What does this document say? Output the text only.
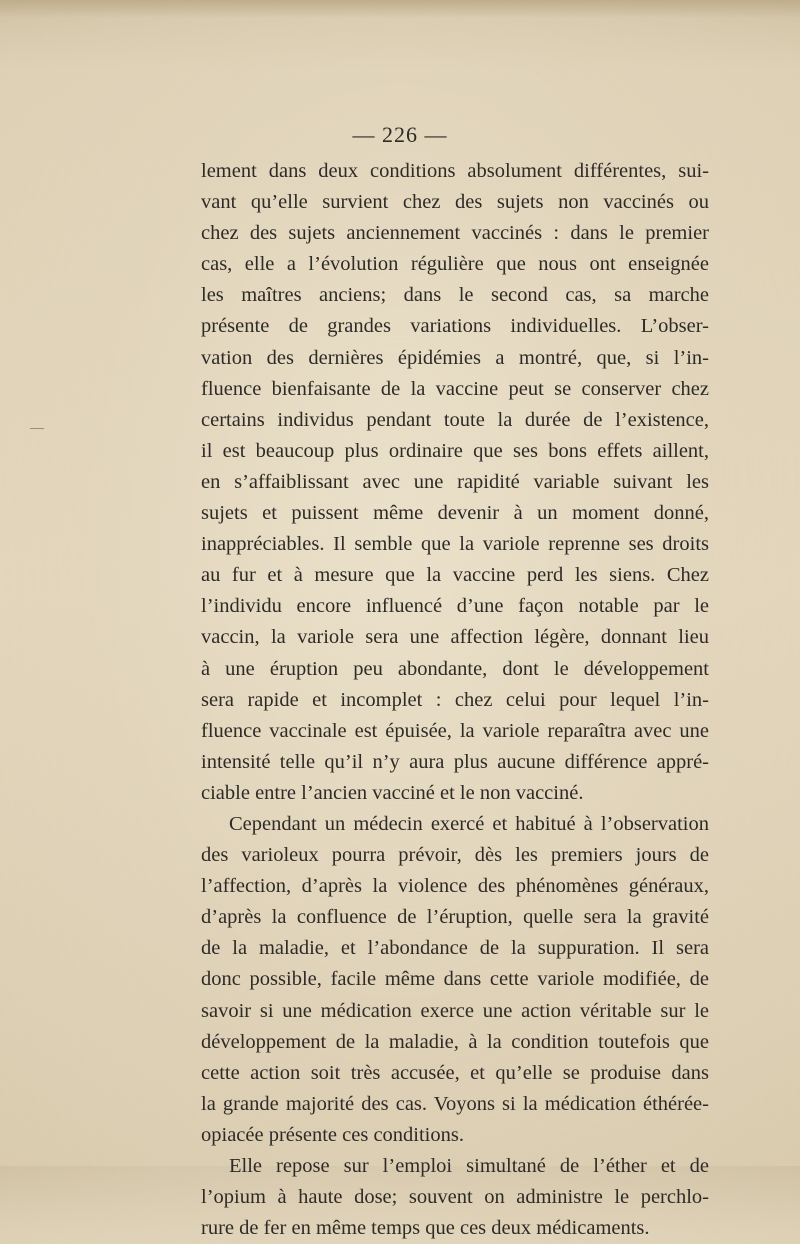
— 226 —
lement dans deux conditions absolument différentes, sui-
vant qu’elle survient chez des sujets non vaccinés ou
chez des sujets anciennement vaccinés : dans le premier
cas, elle a l’évolution régulière que nous ont enseignée
les maîtres anciens; dans le second cas, sa marche
présente de grandes variations individuelles. L’obser-
vation des dernières épidémies a montré, que, si l’in-
fluence bienfaisante de la vaccine peut se conserver chez
certains individus pendant toute la durée de l’existence,
il est beaucoup plus ordinaire que ses bons effets aillent,
en s’affaiblissant avec une rapidité variable suivant les
sujets et puissent même devenir à un moment donné,
inappréciables. Il semble que la variole reprenne ses droits
au fur et à mesure que la vaccine perd les siens. Chez
l’individu encore influencé d’une façon notable par le
vaccin, la variole sera une affection légère, donnant lieu
à une éruption peu abondante, dont le développement
sera rapide et incomplet : chez celui pour lequel l’in-
fluence vaccinale est épuisée, la variole reparaîtra avec une
intensité telle qu’il n’y aura plus aucune différence appré-
ciable entre l’ancien vacciné et le non vacciné.
Cependant un médecin exercé et habitué à l’observation
des varioleux pourra prévoir, dès les premiers jours de
l’affection, d’après la violence des phénomènes généraux,
d’après la confluence de l’éruption, quelle sera la gravité
de la maladie, et l’abondance de la suppuration. Il sera
donc possible, facile même dans cette variole modifiée, de
savoir si une médication exerce une action véritable sur le
développement de la maladie, à la condition toutefois que
cette action soit très accusée, et qu’elle se produise dans
la grande majorité des cas. Voyons si la médication éthérée-
opiacée présente ces conditions.
Elle repose sur l’emploi simultané de l’éther et de
l’opium à haute dose; souvent on administre le perchlo-
rure de fer en même temps que ces deux médicaments.
